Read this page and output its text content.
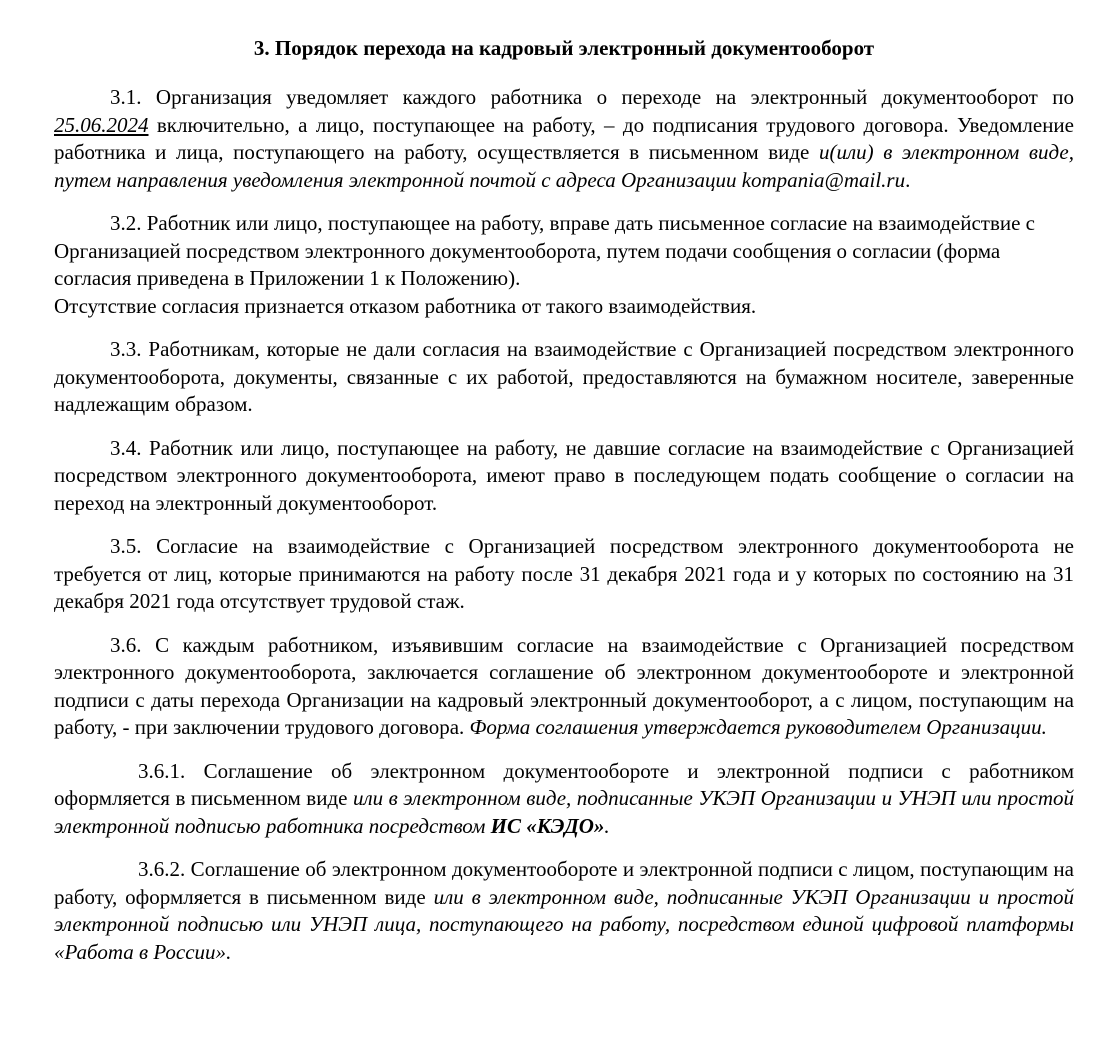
3. Порядок перехода на кадровый электронный документооборот

3.1. Организация уведомляет каждого работника о переходе на электронный документооборот по 25.06.2024 включительно, а лицо, поступающее на работу, – до подписания трудового договора. Уведомление работника и лица, поступающего на работу, осуществляется в письменном виде и(или) в электронном виде, путем направления уведомления электронной почтой с адреса Организации kompania@mail.ru.

3.2. Работник или лицо, поступающее на работу, вправе дать письменное согласие на взаимодействие с Организацией посредством электронного документооборота, путем подачи сообщения о согласии (форма согласия приведена в Приложении 1 к Положению).
Отсутствие согласия признается отказом работника от такого взаимодействия.

3.3. Работникам, которые не дали согласия на взаимодействие с Организацией посредством электронного документооборота, документы, связанные с их работой, предоставляются на бумажном носителе, заверенные надлежащим образом.

3.4. Работник или лицо, поступающее на работу, не давшие согласие на взаимодействие с Организацией посредством электронного документооборота, имеют право в последующем подать сообщение о согласии на переход на электронный документооборот.

3.5. Согласие на взаимодействие с Организацией посредством электронного документооборота не требуется от лиц, которые принимаются на работу после 31 декабря 2021 года и у которых по состоянию на 31 декабря 2021 года отсутствует трудовой стаж.

3.6. С каждым работником, изъявившим согласие на взаимодействие с Организацией посредством электронного документооборота, заключается соглашение об электронном документообороте и электронной подписи с даты перехода Организации на кадровый электронный документооборот, а с лицом, поступающим на работу, - при заключении трудового договора. Форма соглашения утверждается руководителем Организации.

3.6.1. Соглашение об электронном документообороте и электронной подписи с работником оформляется в письменном виде или в электронном виде, подписанные УКЭП Организации и УНЭП или простой электронной подписью работника посредством ИС «КЭДО».

3.6.2. Соглашение об электронном документообороте и электронной подписи с лицом, поступающим на работу, оформляется в письменном виде или в электронном виде, подписанные УКЭП Организации и простой электронной подписью или УНЭП лица, поступающего на работу, посредством единой цифровой платформы «Работа в России».
